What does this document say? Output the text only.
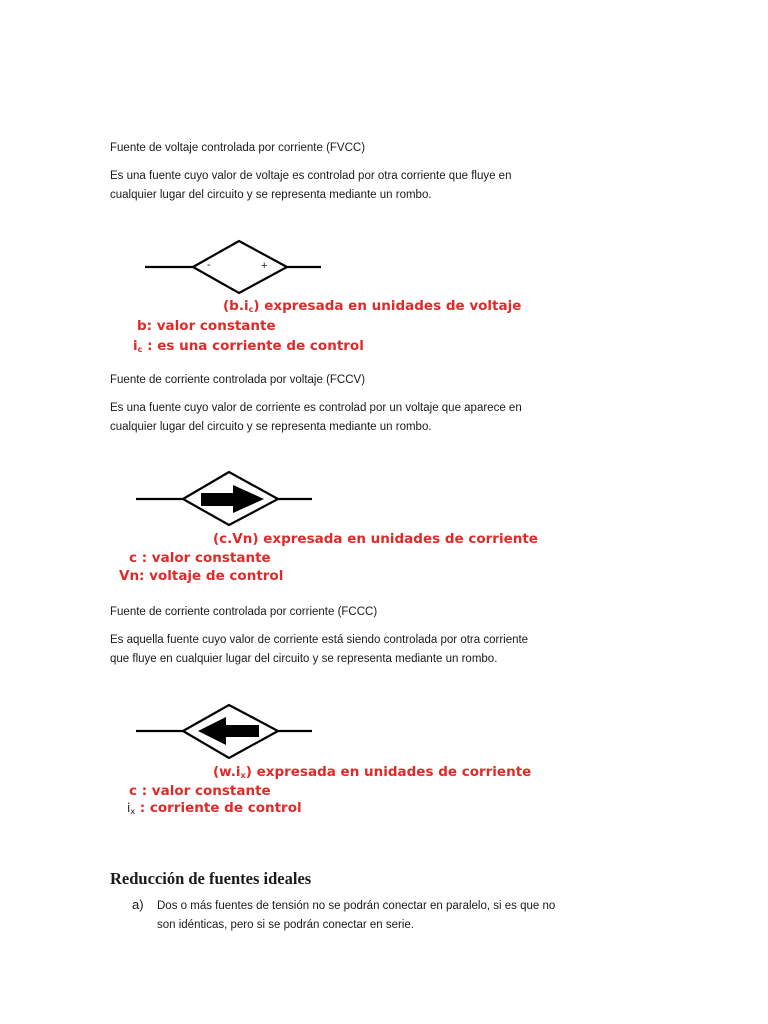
Fuente de voltaje controlada por corriente (FVCC)
Es una fuente cuyo valor de voltaje es controlad por otra corriente que fluye en
cualquier lugar del circuito y se representa mediante un rombo.
-	+
$(b.i_c)$ expresada en unidades de voltaje
b: valor constante
$i_c$ : es una corriente de control
Fuente de corriente controlada por voltaje (FCCV)
Es una fuente cuyo valor de corriente es controlad por un voltaje que aparece en
cualquier lugar del circuito y se representa mediante un rombo.
(c.Vn) expresada en unidades de corriente
c : valor constante
Vn: voltaje de control
Fuente de corriente controlada por corriente (FCCC)
Es aquella fuente cuyo valor de corriente está siendo controlada por otra corriente
que fluye en cualquier lugar del circuito y se representa mediante un rombo.
$(w.i_x)$ expresada en unidades de corriente
c : valor constante
$i_x$ : corriente de control
Reducción de fuentes ideales
a) Dos o más fuentes de tensión no se podrán conectar en paralelo, si es que no
son idénticas, pero si se podrán conectar en serie.
